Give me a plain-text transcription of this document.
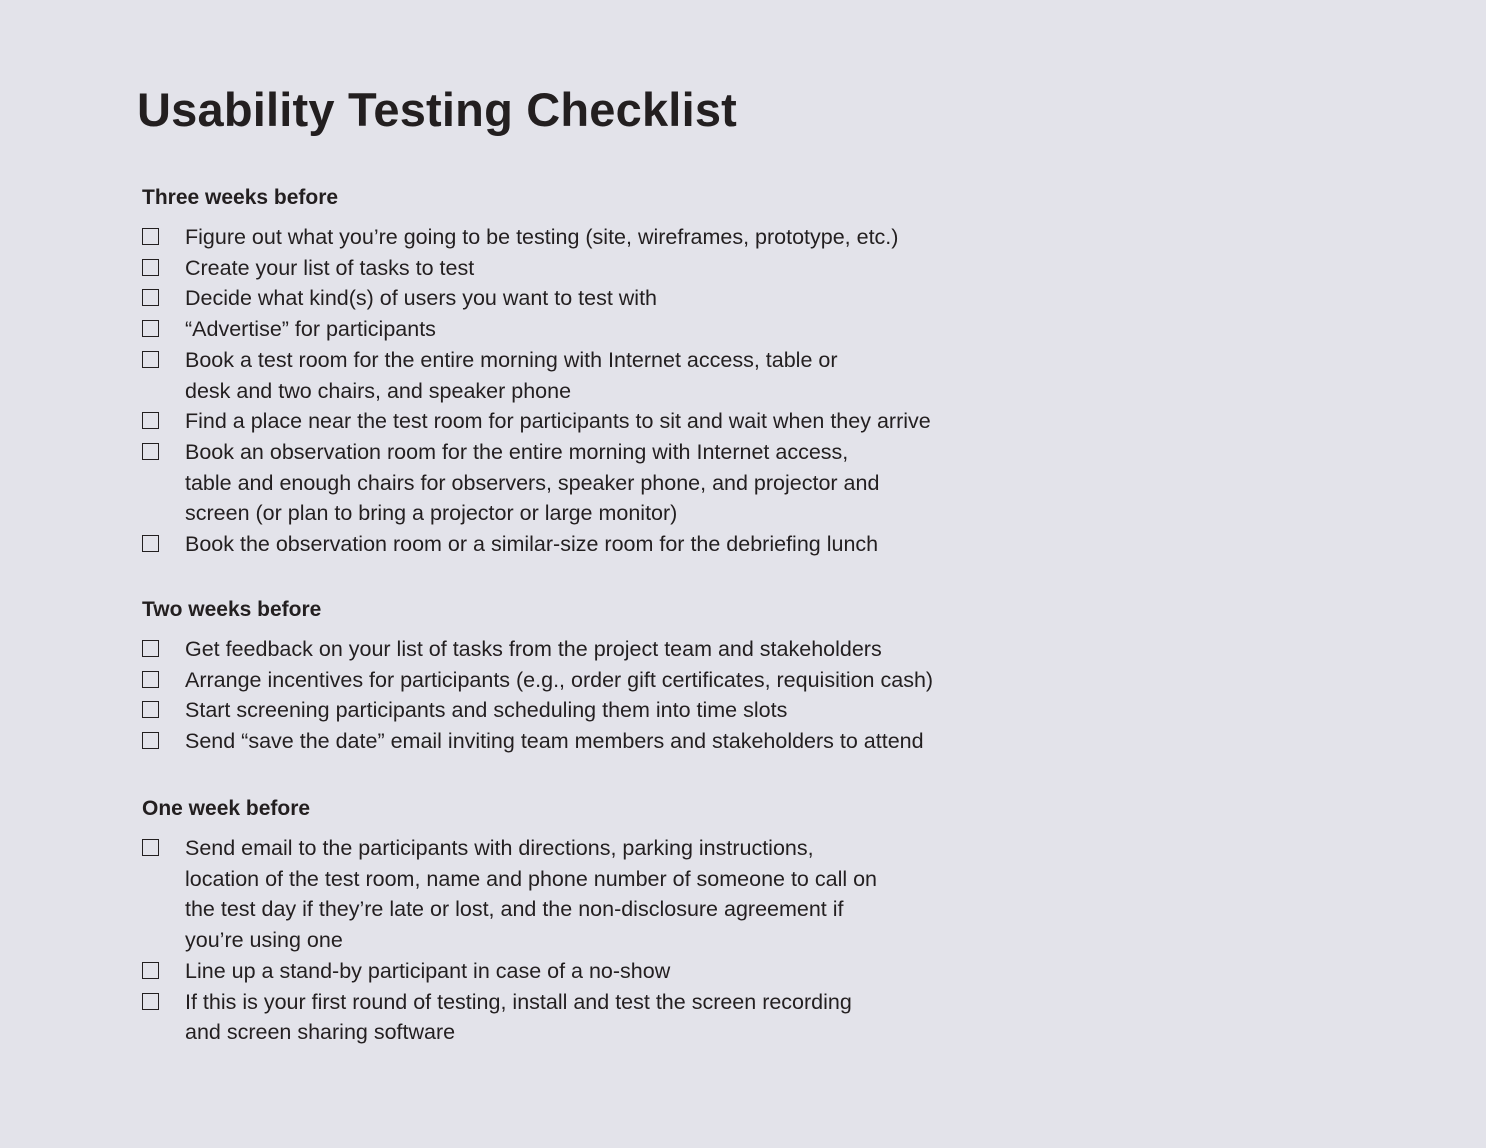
Usability Testing Checklist
Three weeks before
Figure out what you’re going to be testing (site, wireframes, prototype, etc.)
Create your list of tasks to test
Decide what kind(s) of users you want to test with
“Advertise” for participants
Book a test room for the entire morning with Internet access, table or
desk and two chairs, and speaker phone
Find a place near the test room for participants to sit and wait when they arrive
Book an observation room for the entire morning with Internet access,
table and enough chairs for observers, speaker phone, and projector and
screen (or plan to bring a projector or large monitor)
Book the observation room or a similar-size room for the debriefing lunch
Two weeks before
Get feedback on your list of tasks from the project team and stakeholders
Arrange incentives for participants (e.g., order gift certificates, requisition cash)
Start screening participants and scheduling them into time slots
Send “save the date” email inviting team members and stakeholders to attend
One week before
Send email to the participants with directions, parking instructions,
location of the test room, name and phone number of someone to call on
the test day if they’re late or lost, and the non-disclosure agreement if
you’re using one
Line up a stand-by participant in case of a no-show
If this is your first round of testing, install and test the screen recording
and screen sharing software
